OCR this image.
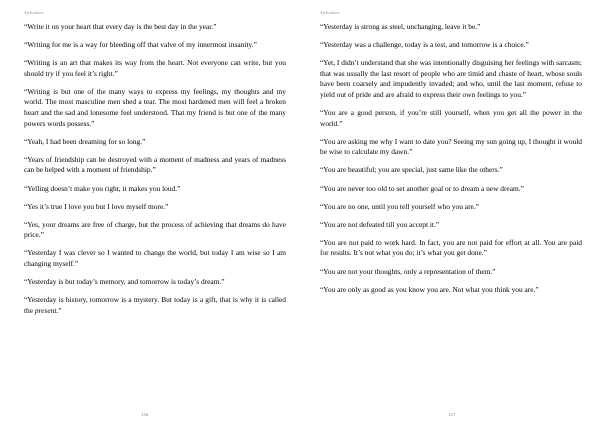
Ajchanlusi

“Write it on your heart that every day is the best day in the year.”

“Writing for me is a way for bleeding off that valve of my innermost insanity.”

“Writing is an art that makes its way from the heart. Not everyone can write, but you should try if you feel it’s right.”

“Writing is but one of the many ways to express my feelings, my thoughts and my world. The most masculine men shed a tear. The most hardened men will feel a broken heart and the sad and lonesome feel understood. That my friend is but one of the many powers words possess.”

“Yeah, I had been dreaming for so long.”

“Years of friendship can be destroyed with a moment of madness and years of madness can be helped with a moment of friendship.”

“Yelling doesn’t make you right, it makes you loud.”

“Yes it’s true I love you but I love myself more.”

“Yes, your dreams are free of charge, but the process of achieving that dreams do have price.”

“Yesterday I was clever so I wanted to change the world, but today I am wise so I am changing myself.”

“Yesterday is but today’s memory, and tomorrow is today’s dream.”

“Yesterday is history, tomorrow is a mystery. But today is a gift, that is why it is called the present.”

116
Ajchanlusi

“Yesterday is strong as steel, unchanging, leave it be.”

“Yesterday was a challenge, today is a test, and tomorrow is a choice.”

“Yet, I didn’t understand that she was intentionally disguising her feelings with sarcasm; that was usually the last resort of people who are timid and chaste of heart, whose souls have been coarsely and impudently invaded; and who, until the last moment, refuse to yield out of pride and are afraid to express their own feelings to you.”

“You are a good person, if you’re still yourself, when you get all the power in the world.”

“You are asking me why I want to date you? Seeing my sun going up, I thought it would be wise to calculate my dawn.”

“You are beautiful; you are special, just same like the others.”

“You are never too old to set another goal or to dream a new dream.”

“You are no one, until you tell yourself who you are.”

“You are not defeated till you accept it.”

“You are not paid to work hard. In fact, you are not paid for effort at all. You are paid for results. It’s not what you do; it’s what you get done.”

“You are not your thoughts, only a representation of them.”

“You are only as good as you know you are. Not what you think you are.”

117
